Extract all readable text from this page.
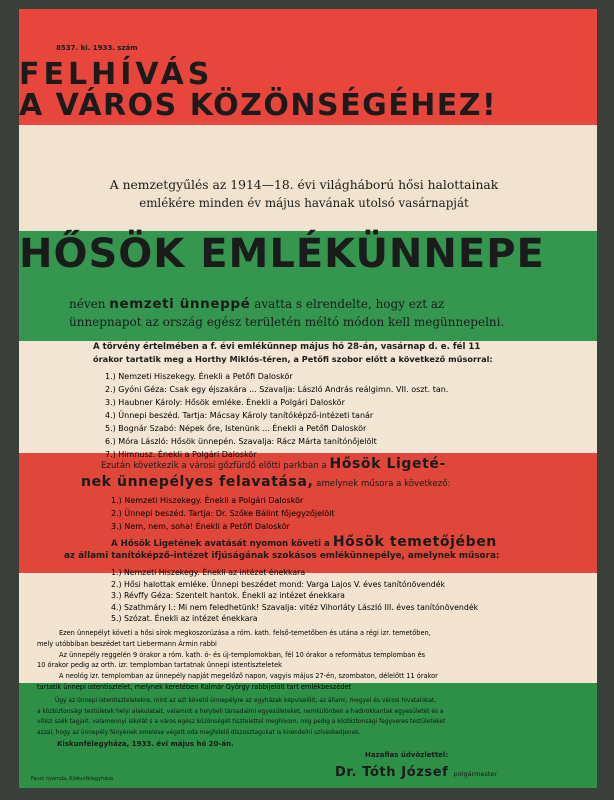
8537. ki. 1933. szám
FELHÍVÁS
A VÁROS KÖZÖNSÉGÉHEZ!
A nemzetgyűlés az 1914—18. évi világháború hősi halottainak
emlékére minden év május havának utolsó vasárnapját
HŐSÖK EMLÉKÜNNEPE
néven nemzeti ünneppé avatta s elrendelte, hogy ezt az
ünnepnapot az ország egész területén méltó módon kell megünnepelni.
A törvény értelmében a f. évi emlékünnep május hó 28-án, vasárnap d. e. fél 11
órakor tartatik meg a Horthy Miklós-téren, a Petőfi szobor előtt a következő műsorral:
1.) Nemzeti Hiszekegy. Énekli a Petőfi Daloskör
2.) Gyóni Géza: Csak egy éjszakára ... Szavalja: László András reálgimn. VII. oszt. tan.
3.) Haubner Károly: Hősök emléke. Énekli a Polgári Daloskör
4.) Ünnepi beszéd. Tartja: Mácsay Károly tanítóképző-intézeti tanár
5.) Bognár Szabó: Népek őre, Istenünk ... Énekli a Petőfi Daloskör
6.) Móra László: Hősök ünnepén. Szavalja: Rácz Márta tanítónőjelölt
7.) Himnusz. Énekli a Polgári Daloskör
Ezután következik a városi gőzfürdő előtti parkban a Hősök Ligeté-
nek ünnepélyes felavatása, amelynek műsora a következő:
1.) Nemzeti Hiszekegy. Énekli a Polgári Daloskör
2.) Ünnepi beszéd. Tartja: Dr. Szőke Bálint főjegyzőjelölt
3.) Nem, nem, soha! Énekli a Petőfi Daloskör
A Hősök Ligetének avatását nyomon követi a Hősök temetőjében
az állami tanítóképző-intézet ifjúságának szokásos emlékünnepélye, amelynek műsora:
1.) Nemzeti Hiszekegy. Énekli az intézet énekkara
2.) Hősi halottak emléke. Ünnepi beszédet mond: Varga Lajos V. éves tanítónövendék
3.) Révffy Géza: Szentelt hantok. Énekli az intézet énekkara
4.) Szathmáry I.: Mi nem feledhetünk! Szavalja: vitéz Vihorláty László III. éves tanítónövendék
5.) Szózat. Énekli az intézet énekkara
Ezen ünnepélyt követi a hősi sírok megkoszorúzása a róm. kath. felső-temetőben és utána a régi izr. temetőben,
mely utóbbiban beszédet tart Liebermann Ármin rabbi
Az ünnepély reggelén 9 órakor a róm. kath. ó- és új-templomokban, fél 10 órakor a református templomban és
10 órakor pedig az orth. izr. templomban tartatnak ünnepi istentiszteletek
A neológ izr. templomban az ünnepély napját megelőző napon, vagyis május 27-én, szombaton, délelőtt 11 órakor
tartatik ünnepi istentisztelet, melynek keretében Kalmár György rabbijelölt tart emlékbeszédet
Úgy az ünnepi istentiszteletekre, mint az azt követő ünnepélyre az egyházak képviselőit, az állami, megyei és városi hivatalokat,
a közbiztonsági testületek helyi alakulatait, valamint a helybeli társadalmi egyesületeket, nemkülönben a hadirokkantak egyesületét és a
vitézi szék tagjait, valamennyi iskolát s a város egész közönségét tisztelettel meghívom, míg pedig a közbiztonsági fegyveres testületeket
azzal, hogy az ünnepély fényének emelése végett oda megfelelő díszosztagokat is kirendelni szíveskedjenek.
Kiskunfélegyháza, 1933. évi május hó 20-án.
Hazafias üdvözlettel:
Dr. Tóth József polgármester
Faust nyomda, Kiskunfélegyháza
